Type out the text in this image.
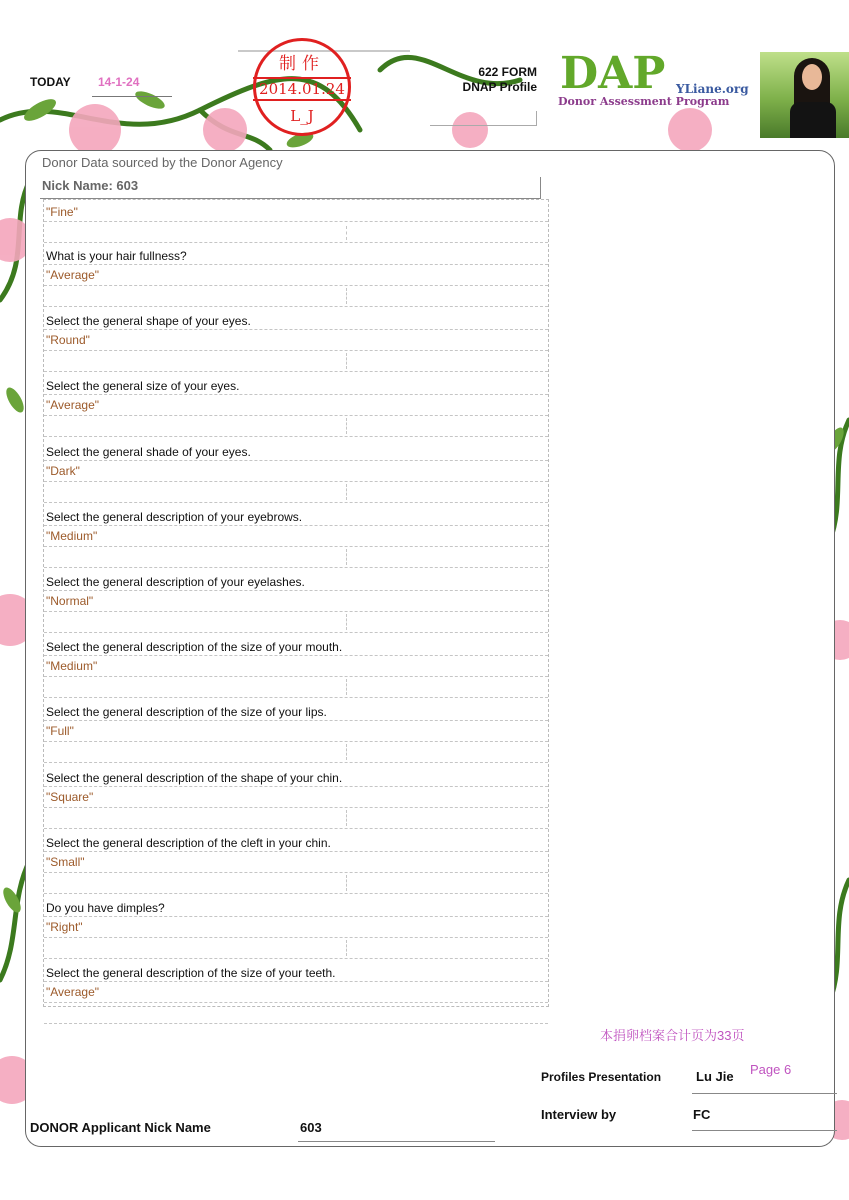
TODAY 14-1-24
制作
2014.01.24
L_J
622 FORM
DNAP Profile DAP YLiane.org
Donor Assessment Program
Donor Data sourced by the Donor Agency
Nick Name: 603
"Fine"
What is your hair fullness?
"Average"
Select the general shape of your eyes.
"Round"
Select the general size of your eyes.
"Average"
Select the general shade of your eyes.
"Dark"
Select the general description of your eyebrows.
"Medium"
Select the general description of your eyelashes.
"Normal"
Select the general description of the size of your mouth.
"Medium"
Select the general description of the size of your lips.
"Full"
Select the general description of the shape of your chin.
"Square"
Select the general description of the cleft in your chin.
"Small"
Do you have dimples?
"Right"
Select the general description of the size of your teeth.
"Average"
本捐卵档案合计页为33页
Profiles Presentation	Lu Jie Page 6
Interview by	FC
DONOR Applicant Nick Name	603
